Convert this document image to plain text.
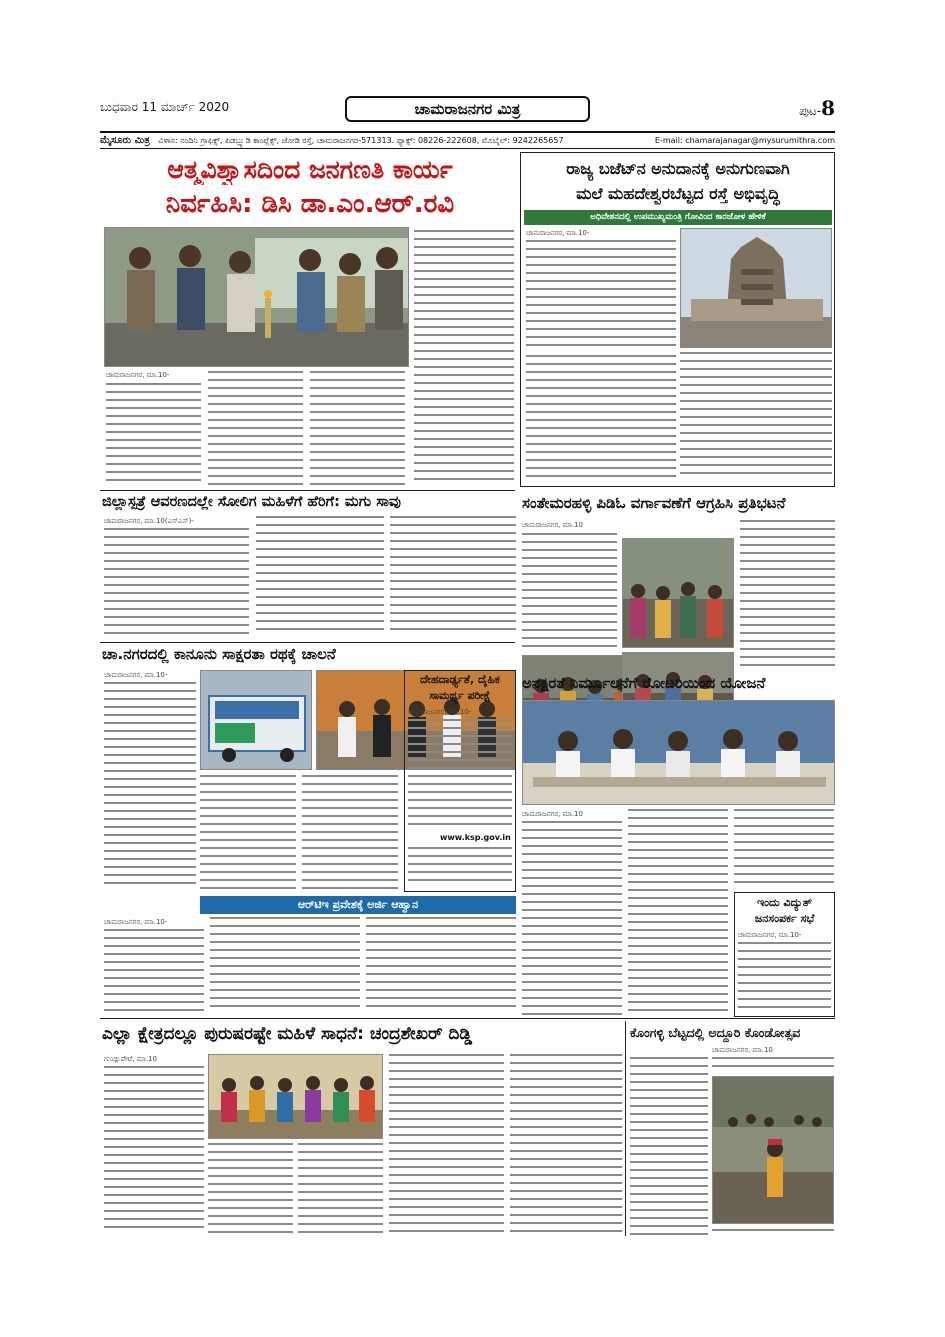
ಬುಧವಾರ 11 ಮಾರ್ಚ್ 2020	ಚಾಮರಾಜನಗರ ಮಿತ್ರ	ಪುಟ-8
ಮೈಸೂರು ಮಿತ್ರ ವಿಳಾಸ: ನಂದಿನಿ ಗ್ರಾಫಿಕ್ಸ್, ಪಿಡಬ್ಲ್ಯುಡಿ ಕಾಂಪ್ಲೆಕ್ಸ್, ಜೋಡಿ ರಸ್ತೆ, ಚಾಮರಾಜನಗರ-571313. ಫ್ಯಾಕ್ಸ್: 08226-222608, ಮೊಬೈಲ್: 9242265657	E-mail: chamarajanagar@mysurumithra.com
ಆತ್ಮವಿಶ್ವಾಸದಿಂದ ಜನಗಣತಿ ಕಾರ್ಯ
ನಿರ್ವಹಿಸಿ: ಡಿಸಿ ಡಾ.ಎಂ.ಆರ್.ರವಿ
ಚಾಮರಾಜನಗರ, ಮಾ.10-
ರಾಜ್ಯ ಬಜೆಟ್‌ನ ಅನುದಾನಕ್ಕೆ ಅನುಗುಣವಾಗಿ
ಮಲೆ ಮಹದೇಶ್ವರಬೆಟ್ಟದ ರಸ್ತೆ ಅಭಿವೃದ್ಧಿ
ಅಧಿವೇಶನದಲ್ಲಿ ಉಪಮುಖ್ಯಮಂತ್ರಿ ಗೋವಿಂದ ಕಾರಜೋಳ ಹೇಳಿಕೆ
ಚಾಮರಾಜನಗರ, ಮಾ.10-
ಜಿಲ್ಲಾಸ್ಪತ್ರೆ ಆವರಣದಲ್ಲೇ ಸೋಲಿಗ ಮಹಿಳೆಗೆ ಹೆರಿಗೆ: ಮಗು ಸಾವು
ಚಾಮರಾಜನಗರ, ಮಾ.10(ಎಸ್‌ಎಸ್)-
ಸಂತೇಮರಹಳ್ಳಿ ಪಿಡಿಓ ವರ್ಗಾವಣೆಗೆ ಆಗ್ರಹಿಸಿ ಪ್ರತಿಭಟನೆ
ಚಾಮರಾಜನಗರ, ಮಾ.10
ಚಾ.ನಗರದಲ್ಲಿ ಕಾನೂನು ಸಾಕ್ಷರತಾ ರಥಕ್ಕೆ ಚಾಲನೆ
ಚಾಮರಾಜನಗರ, ಮಾ.10-	ದೇಹದಾರ್ಢ್ಯತೆ, ದೈಹಿಕ
ಸಾಮರ್ಥ್ಯ ಪರೀಕ್ಷೆ
ಚಾಮರಾಜನಗರ, ಮಾ.10-
www.ksp.gov.in
ಅನಕ್ಷರತೆ ನಿರ್ಮೂಲನೆಗೆ ರೋಟರಿಯಿಂದ ಯೋಜನೆ
ಚಾಮರಾಜನಗರ, ಮಾ.10
ಇಂದು ವಿದ್ಯುತ್
ಜನಸಂಪರ್ಕ ಸಭೆ
ಚಾಮರಾಜನಗರ, ಮಾ.10-
ಆರ್‌ಟಿಇ ಪ್ರವೇಶಕ್ಕೆ ಅರ್ಜಿ ಆಹ್ವಾನ
ಚಾಮರಾಜನಗರ, ಮಾ.10-
ಎಲ್ಲಾ ಕ್ಷೇತ್ರದಲ್ಲೂ ಪುರುಷರಷ್ಟೇ ಮಹಿಳೆ ಸಾಧನೆ: ಚಂದ್ರಶೇಖರ್ ದಿಡ್ಡಿ
ಗುಂಡ್ಲುಪೇಟೆ, ಮಾ.10
ಕೊಂಗಳ್ಳಿ ಬೆಟ್ಟದಲ್ಲಿ ಅದ್ದೂರಿ ಕೊಂಡೋತ್ಸವ
ಚಾಮರಾಜನಗರ, ಮಾ.10
